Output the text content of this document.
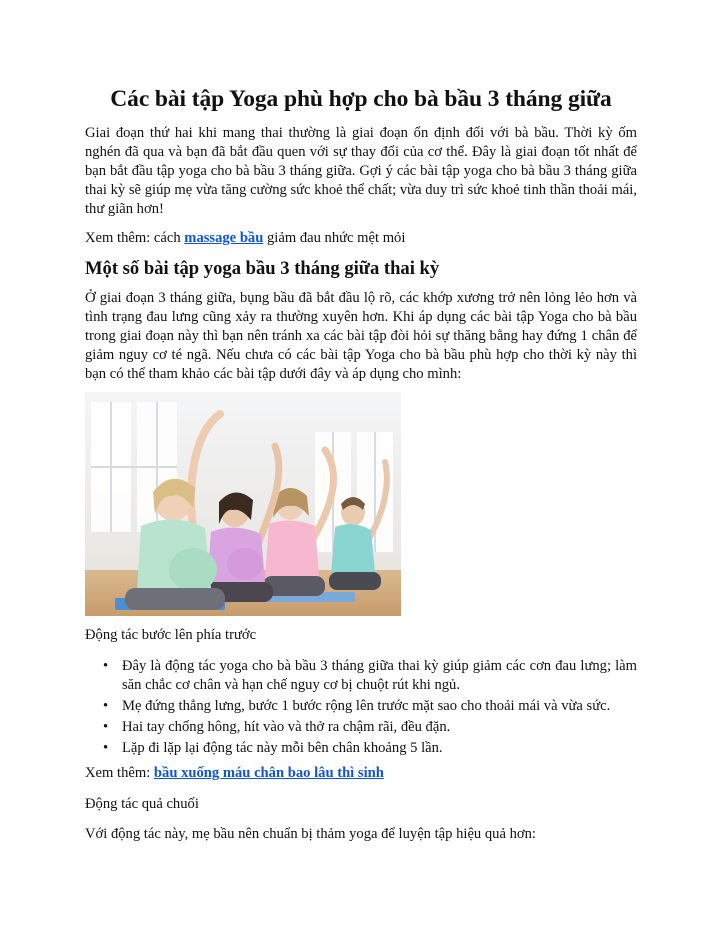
Các bài tập Yoga phù hợp cho bà bầu 3 tháng giữa

Giai đoạn thứ hai khi mang thai thường là giai đoạn ổn định đối với bà bầu. Thời kỳ ốm nghén đã qua và bạn đã bắt đầu quen với sự thay đổi của cơ thể. Đây là giai đoạn tốt nhất để bạn bắt đầu tập yoga cho bà bầu 3 tháng giữa. Gợi ý các bài tập yoga cho bà bầu 3 tháng giữa thai kỳ sẽ giúp mẹ vừa tăng cường sức khoẻ thể chất; vừa duy trì sức khoẻ tinh thần thoải mái, thư giãn hơn!

Xem thêm: cách massage bầu giảm đau nhức mệt mỏi

Một số bài tập yoga bầu 3 tháng giữa thai kỳ

Ở giai đoạn 3 tháng giữa, bụng bầu đã bắt đầu lộ rõ, các khớp xương trở nên lỏng lẻo hơn và tình trạng đau lưng cũng xảy ra thường xuyên hơn. Khi áp dụng các bài tập Yoga cho bà bầu trong giai đoạn này thì bạn nên tránh xa các bài tập đòi hỏi sự thăng bằng hay đứng 1 chân để giảm nguy cơ té ngã. Nếu chưa có các bài tập Yoga cho bà bầu phù hợp cho thời kỳ này thì bạn có thể tham khảo các bài tập dưới đây và áp dụng cho mình:

Động tác bước lên phía trước

• Đây là động tác yoga cho bà bầu 3 tháng giữa thai kỳ giúp giảm các cơn đau lưng; làm săn chắc cơ chân và hạn chế nguy cơ bị chuột rút khi ngủ.
• Mẹ đứng thẳng lưng, bước 1 bước rộng lên trước mặt sao cho thoải mái và vừa sức.
• Hai tay chống hông, hít vào và thở ra chậm rãi, đều đặn.
• Lặp đi lặp lại động tác này mỗi bên chân khoảng 5 lần.

Xem thêm: bầu xuống máu chân bao lâu thì sinh

Động tác quả chuối

Với động tác này, mẹ bầu nên chuẩn bị thảm yoga để luyện tập hiệu quả hơn:
